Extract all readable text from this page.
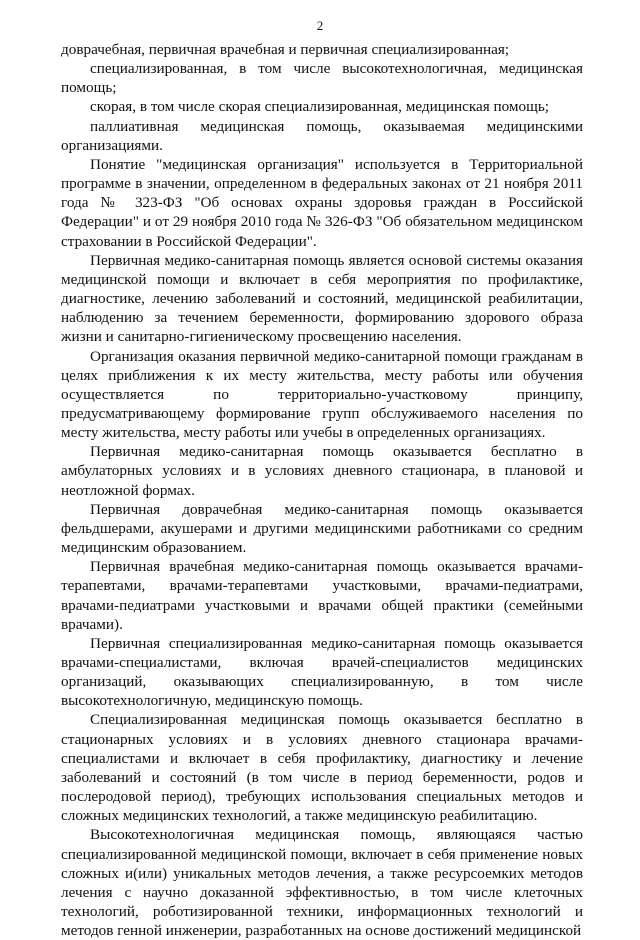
2

доврачебная, первичная врачебная и первичная специализированная;

специализированная, в том числе высокотехнологичная, медицинская помощь;

скорая, в том числе скорая специализированная, медицинская помощь;

паллиативная медицинская помощь, оказываемая медицинскими организациями.

Понятие "медицинская организация" используется в Территориальной программе в значении, определенном в федеральных законах от 21 ноября 2011 года № 323-ФЗ "Об основах охраны здоровья граждан в Российской Федерации" и от 29 ноября 2010 года № 326-ФЗ "Об обязательном медицинском страховании в Российской Федерации".

Первичная медико-санитарная помощь является основой системы оказания медицинской помощи и включает в себя мероприятия по профилактике, диагностике, лечению заболеваний и состояний, медицинской реабилитации, наблюдению за течением беременности, формированию здорового образа жизни и санитарно-гигиеническому просвещению населения.

Организация оказания первичной медико-санитарной помощи гражданам в целях приближения к их месту жительства, месту работы или обучения осуществляется по территориально-участковому принципу, предусматривающему формирование групп обслуживаемого населения по месту жительства, месту работы или учебы в определенных организациях.

Первичная медико-санитарная помощь оказывается бесплатно в амбулаторных условиях и в условиях дневного стационара, в плановой и неотложной формах.

Первичная доврачебная медико-санитарная помощь оказывается фельдшерами, акушерами и другими медицинскими работниками со средним медицинским образованием.

Первичная врачебная медико-санитарная помощь оказывается врачами-терапевтами, врачами-терапевтами участковыми, врачами-педиатрами, врачами-педиатрами участковыми и врачами общей практики (семейными врачами).

Первичная специализированная медико-санитарная помощь оказывается врачами-специалистами, включая врачей-специалистов медицинских организаций, оказывающих специализированную, в том числе высокотехнологичную, медицинскую помощь.

Специализированная медицинская помощь оказывается бесплатно в стационарных условиях и в условиях дневного стационара врачами-специалистами и включает в себя профилактику, диагностику и лечение заболеваний и состояний (в том числе в период беременности, родов и послеродовой период), требующих использования специальных методов и сложных медицинских технологий, а также медицинскую реабилитацию.

Высокотехнологичная медицинская помощь, являющаяся частью специализированной медицинской помощи, включает в себя применение новых сложных и(или) уникальных методов лечения, а также ресурсоемких методов лечения с научно доказанной эффективностью, в том числе клеточных технологий, роботизированной техники, информационных технологий и методов генной инженерии, разработанных на основе достижений медицинской
